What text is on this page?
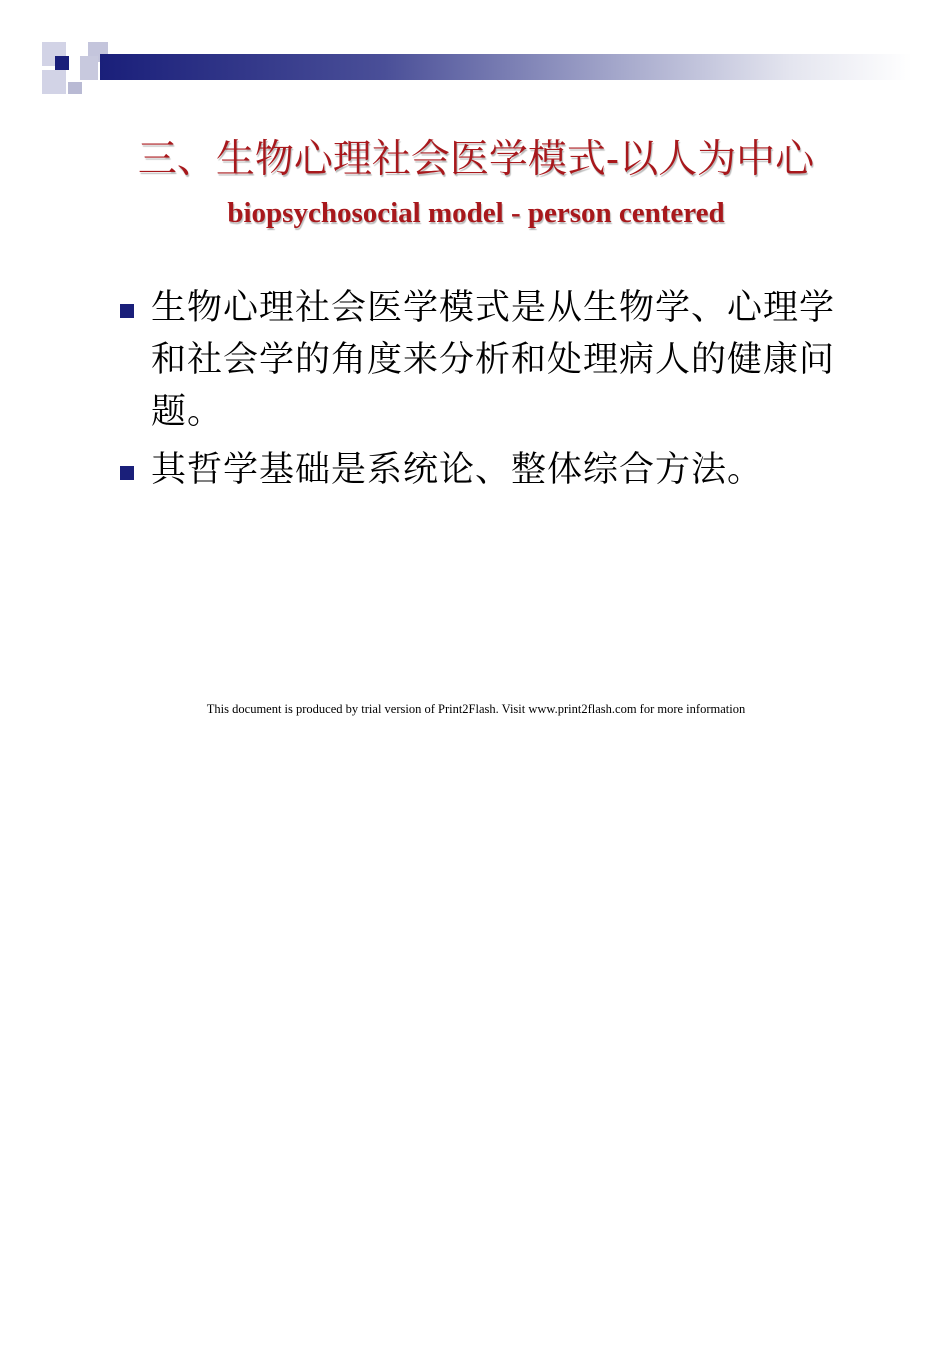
三、生物心理社会医学模式-以人为中心
biopsychosocial model - person centered
生物心理社会医学模式是从生物学、心理学和社会学的角度来分析和处理病人的健康问题。
其哲学基础是系统论、整体综合方法。
This document is produced by trial version of Print2Flash. Visit www.print2flash.com for more information
